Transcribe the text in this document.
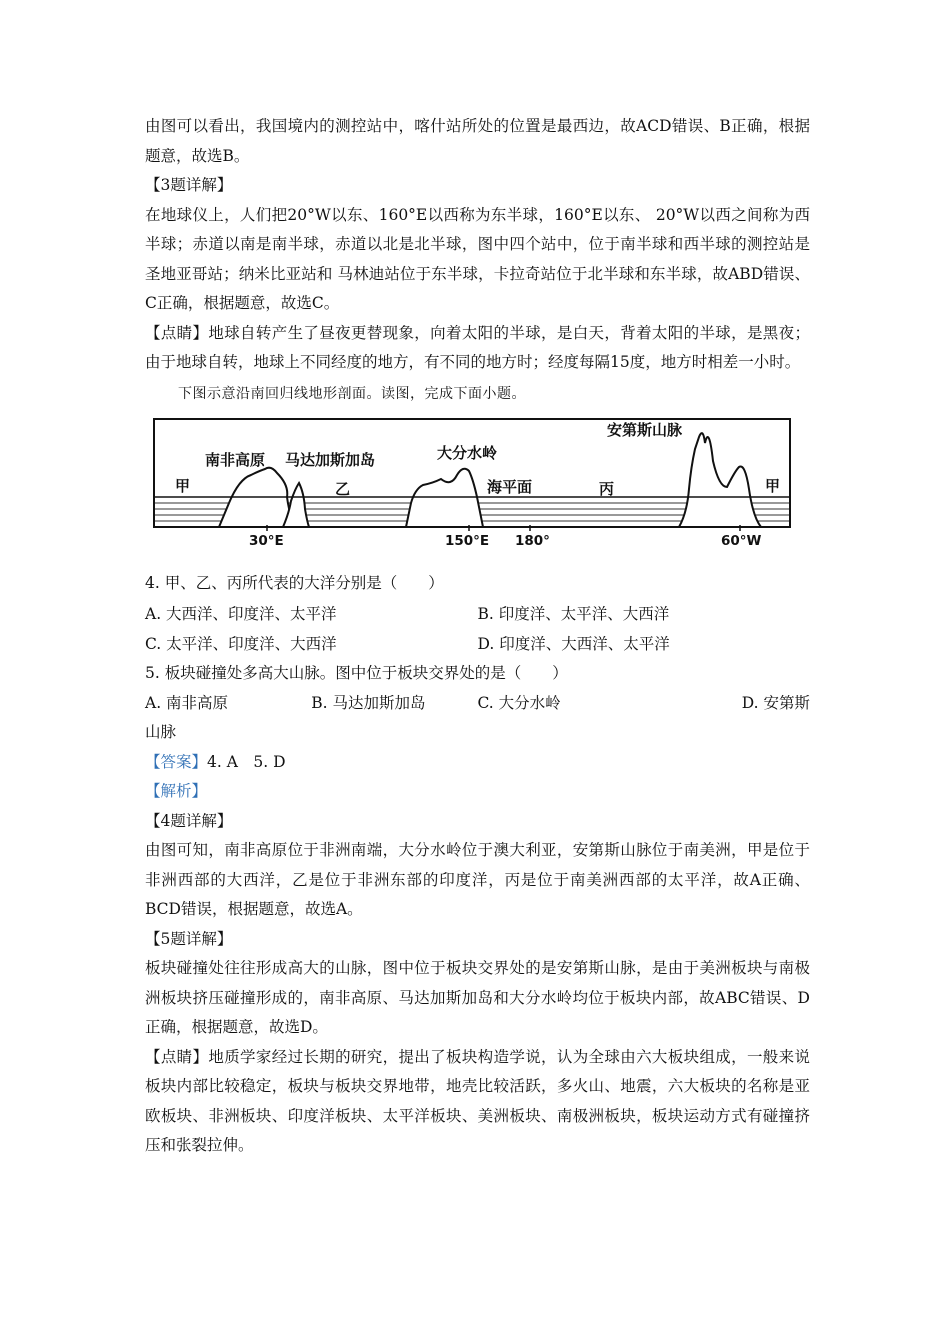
由图可以看出，我国境内的测控站中，喀什站所处的位置是最西边，故ACD错误、B正确，根据题意，故选B。

【3题详解】

在地球仪上，人们把20°W以东、160°E以西称为东半球，160°E以东、 20°W以西之间称为西半球；赤道以南是南半球，赤道以北是北半球，图中四个站中，位于南半球和西半球的测控站是圣地亚哥站；纳米比亚站和 马林迪站位于东半球，卡拉奇站位于北半球和东半球，故ABD错误、C正确，根据题意，故选C。

【点睛】地球自转产生了昼夜更替现象，向着太阳的半球，是白天，背着太阳的半球，是黑夜；由于地球自转，地球上不同经度的地方，有不同的地方时；经度每隔15度，地方时相差一小时。

下图示意沿南回归线地形剖面。读图，完成下面小题。

甲
南非高原 马达加斯加岛
乙
大分水岭
海平面	丙
安第斯山脉
甲
30°E	150°E 180°	60°W

4. 甲、乙、丙所代表的大洋分别是（　　）

A. 大西洋、印度洋、太平洋	B. 印度洋、太平洋、大西洋
C. 太平洋、印度洋、大西洋	D. 印度洋、大西洋、太平洋

5. 板块碰撞处多高大山脉。图中位于板块交界处的是（　　）

A. 南非高原	B. 马达加斯加岛	C. 大分水岭	D. 安第斯

山脉

【答案】4. A　5. D

【解析】

【4题详解】

由图可知，南非高原位于非洲南端，大分水岭位于澳大利亚，安第斯山脉位于南美洲，甲是位于非洲西部的大西洋，乙是位于非洲东部的印度洋，丙是位于南美洲西部的太平洋，故A正确、BCD错误，根据题意，故选A。

【5题详解】

板块碰撞处往往形成高大的山脉，图中位于板块交界处的是安第斯山脉，是由于美洲板块与南极洲板块挤压碰撞形成的，南非高原、马达加斯加岛和大分水岭均位于板块内部，故ABC错误、D正确，根据题意，故选D。

【点睛】地质学家经过长期的研究，提出了板块构造学说，认为全球由六大板块组成，一般来说板块内部比较稳定，板块与板块交界地带，地壳比较活跃，多火山、地震，六大板块的名称是亚欧板块、非洲板块、印度洋板块、太平洋板块、美洲板块、南极洲板块，板块运动方式有碰撞挤压和张裂拉伸。
